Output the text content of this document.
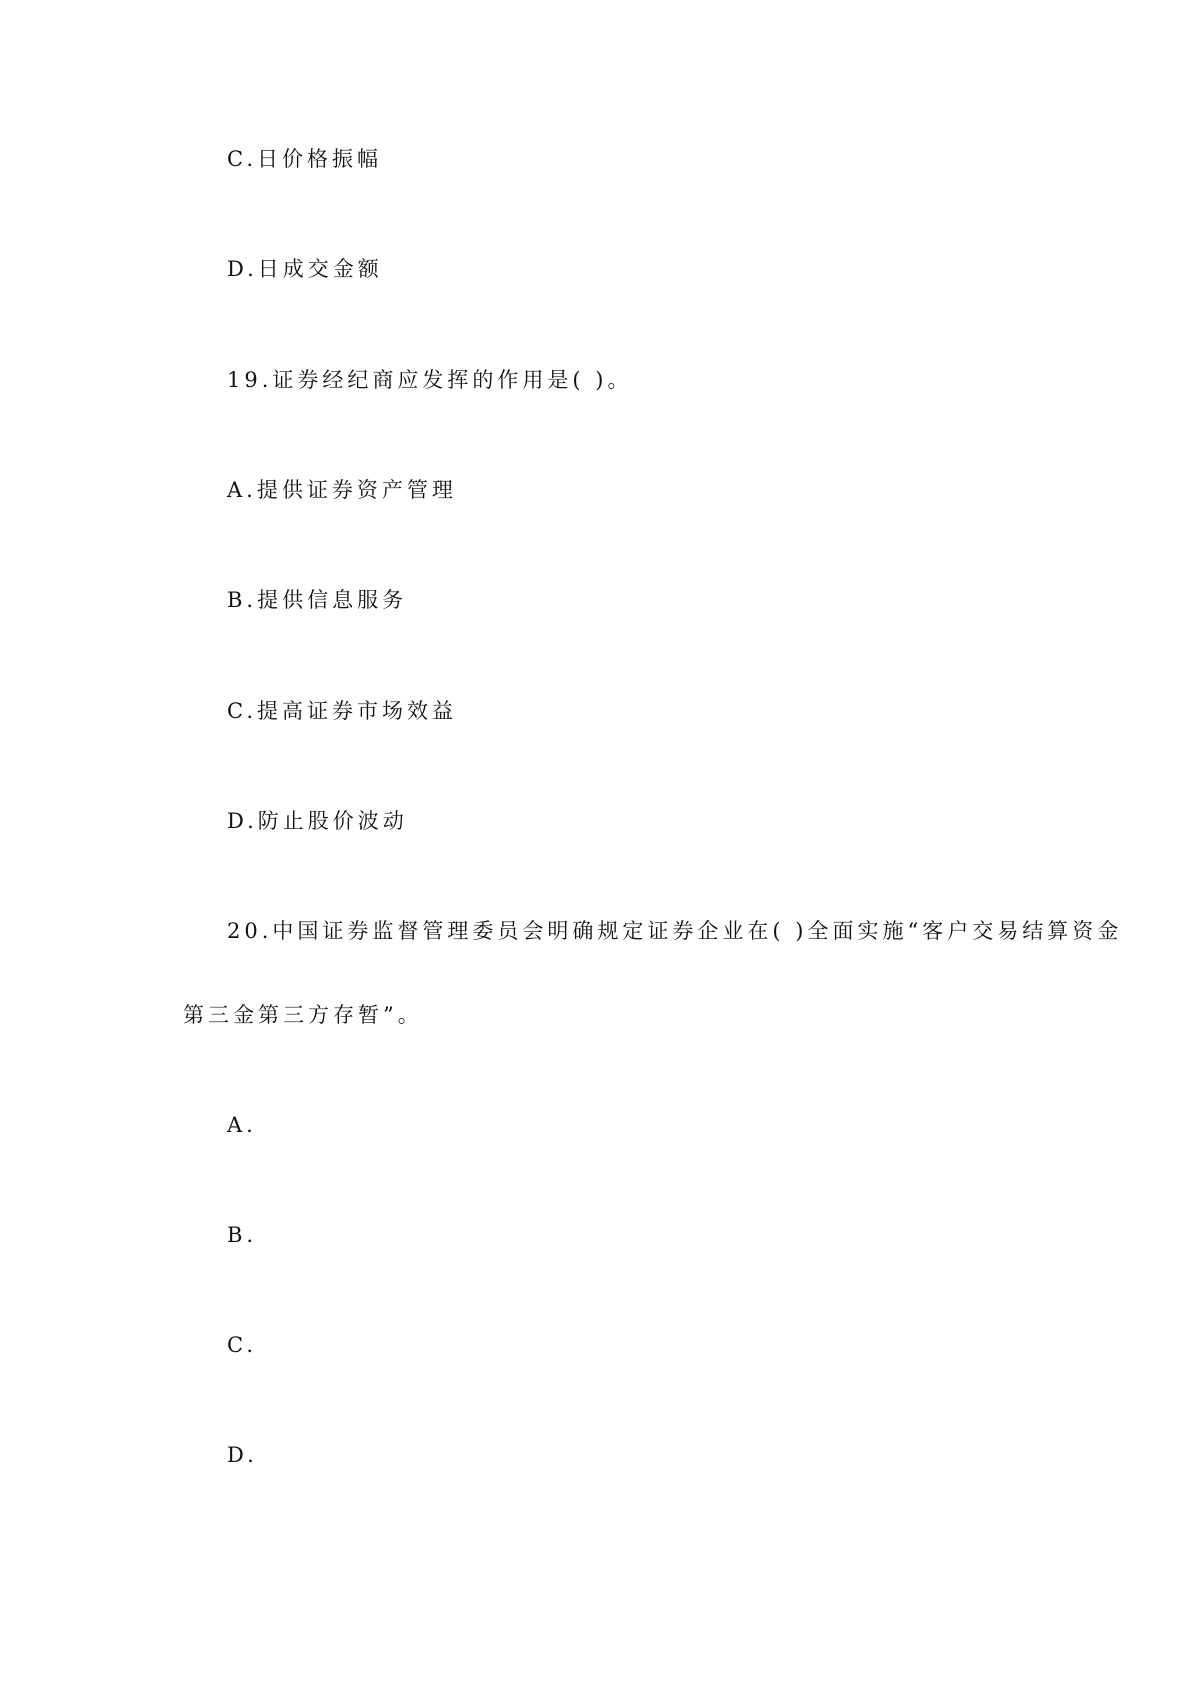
C.日价格振幅
D.日成交金额
19.证券经纪商应发挥的作用是( )。
A.提供证券资产管理
B.提供信息服务
C.提高证券市场效益
D.防止股价波动
20.中国证券监督管理委员会明确规定证券企业在( )全面实施“客户交易结算资金
第三金第三方存暂”。
A.
B.
C.
D.
